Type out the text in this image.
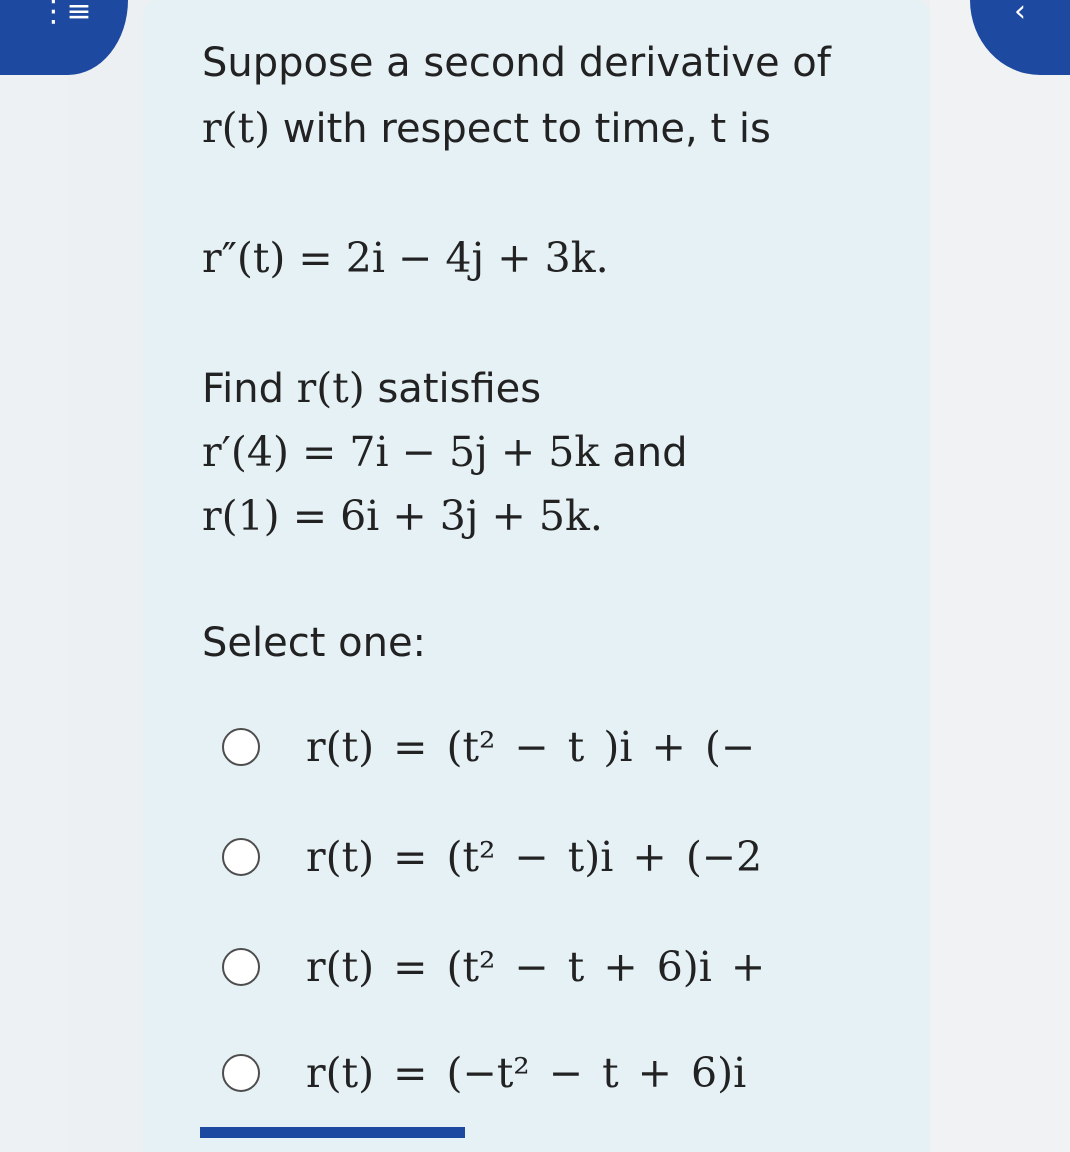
⋮≡	‹

Suppose a second derivative of

r(t) with respect to time, t is

r″(t) = 2i − 4j + 3k.

Find r(t) satisfies

r′(4) = 7i − 5j + 5k and

r(1) = 6i + 3j + 5k.

Select one:

r(t) = (t² − t )i + (−
r(t) = (t² − t)i + (−2
r(t) = (t² − t + 6)i +
r(t) = (−t² − t + 6)i
